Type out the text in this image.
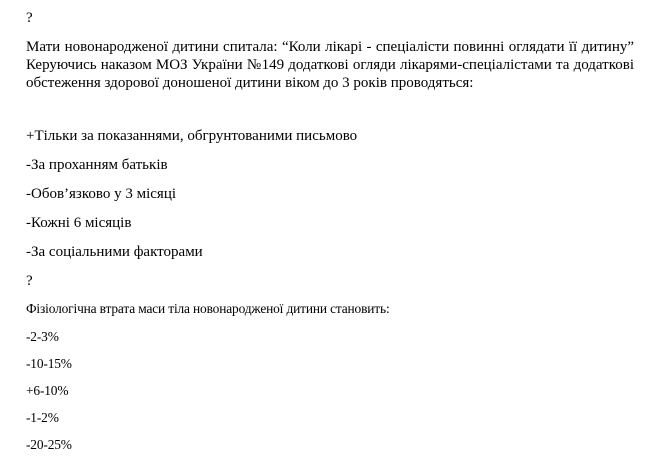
?
Мати новонародженої дитини спитала: “Коли лікарі - спеціалісти повинні оглядати її дитину” Керуючись наказом МОЗ України №149 додаткові огляди лікарями-спеціалістами та додаткові обстеження здорової доношеної дитини віком до 3 років проводяться:
+Тільки за показаннями, обгрунтованими письмово
-За проханням батьків
-Обов’язково у 3 місяці
-Кожні 6 місяців
-За соціальними факторами
?
Фізіологічна втрата маси тіла новонародженої дитини становить:
-2-3%
-10-15%
+6-10%
-1-2%
-20-25%
